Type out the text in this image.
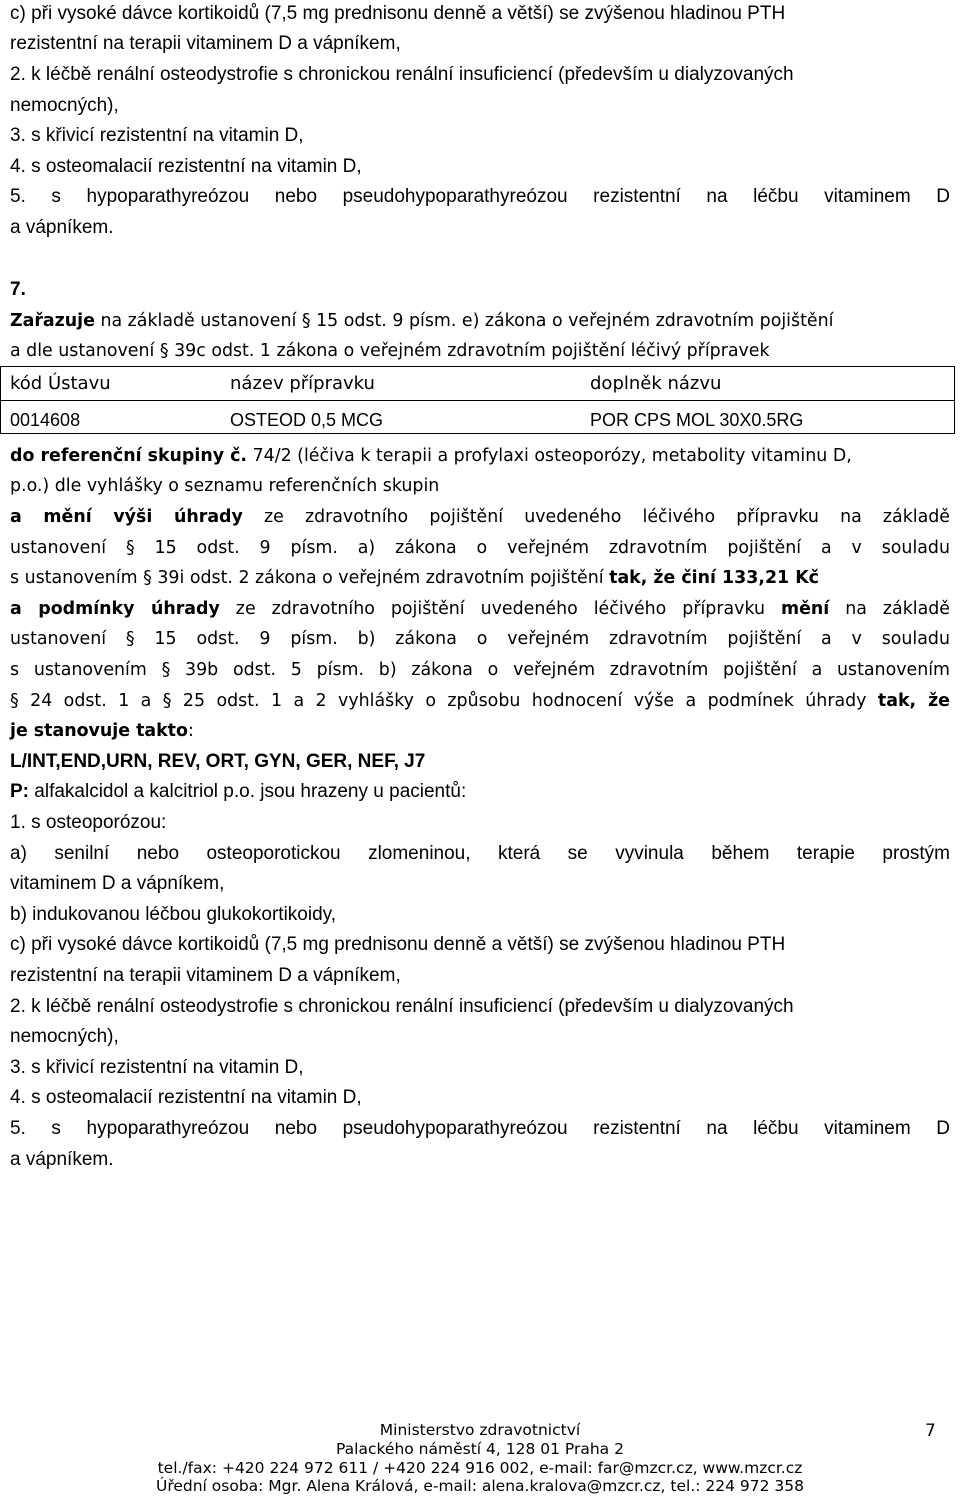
c) při vysoké dávce kortikoidů (7,5 mg prednisonu denně a větší) se zvýšenou hladinou PTH
rezistentní na terapii vitaminem D a vápníkem,
2. k léčbě renální osteodystrofie s chronickou renální insuficiencí (především u dialyzovaných
nemocných),
3. s křivicí rezistentní na vitamin D,
4. s osteomalacií rezistentní na vitamin D,
5. s hypoparathyreózou nebo pseudohypoparathyreózou rezistentní na léčbu vitaminem D
a vápníkem.
7.
Zařazuje na základě ustanovení § 15 odst. 9 písm. e) zákona o veřejném zdravotním pojištění
a dle ustanovení § 39c odst. 1 zákona o veřejném zdravotním pojištění léčivý přípravek
kód Ústavu	název přípravku	doplněk názvu
0014608	OSTEOD 0,5 MCG	POR CPS MOL 30X0.5RG
do referenční skupiny č. 74/2 (léčiva k terapii a profylaxi osteoporózy, metabolity vitaminu D,
p.o.) dle vyhlášky o seznamu referenčních skupin
a mění výši úhrady ze zdravotního pojištění uvedeného léčivého přípravku na základě
ustanovení § 15 odst. 9 písm. a) zákona o veřejném zdravotním pojištění a v souladu
s ustanovením § 39i odst. 2 zákona o veřejném zdravotním pojištění tak, že činí 133,21 Kč
a podmínky úhrady ze zdravotního pojištění uvedeného léčivého přípravku mění na základě
ustanovení § 15 odst. 9 písm. b) zákona o veřejném zdravotním pojištění a v souladu
s ustanovením § 39b odst. 5 písm. b) zákona o veřejném zdravotním pojištění a ustanovením
§ 24 odst. 1 a § 25 odst. 1 a 2 vyhlášky o způsobu hodnocení výše a podmínek úhrady tak, že
je stanovuje takto:
L/INT,END,URN, REV, ORT, GYN, GER, NEF, J7
P: alfakalcidol a kalcitriol p.o. jsou hrazeny u pacientů:
1. s osteoporózou:
a) senilní nebo osteoporotickou zlomeninou, která se vyvinula během terapie prostým
vitaminem D a vápníkem,
b) indukovanou léčbou glukokortikoidy,
c) při vysoké dávce kortikoidů (7,5 mg prednisonu denně a větší) se zvýšenou hladinou PTH
rezistentní na terapii vitaminem D a vápníkem,
2. k léčbě renální osteodystrofie s chronickou renální insuficiencí (především u dialyzovaných
nemocných),
3. s křivicí rezistentní na vitamin D,
4. s osteomalacií rezistentní na vitamin D,
5. s hypoparathyreózou nebo pseudohypoparathyreózou rezistentní na léčbu vitaminem D
a vápníkem.
Ministerstvo zdravotnictví
Palackého náměstí 4, 128 01 Praha 2
tel./fax: +420 224 972 611 / +420 224 916 002, e-mail: far@mzcr.cz, www.mzcr.cz
Úřední osoba: Mgr. Alena Králová, e-mail: alena.kralova@mzcr.cz, tel.: 224 972 358
7
